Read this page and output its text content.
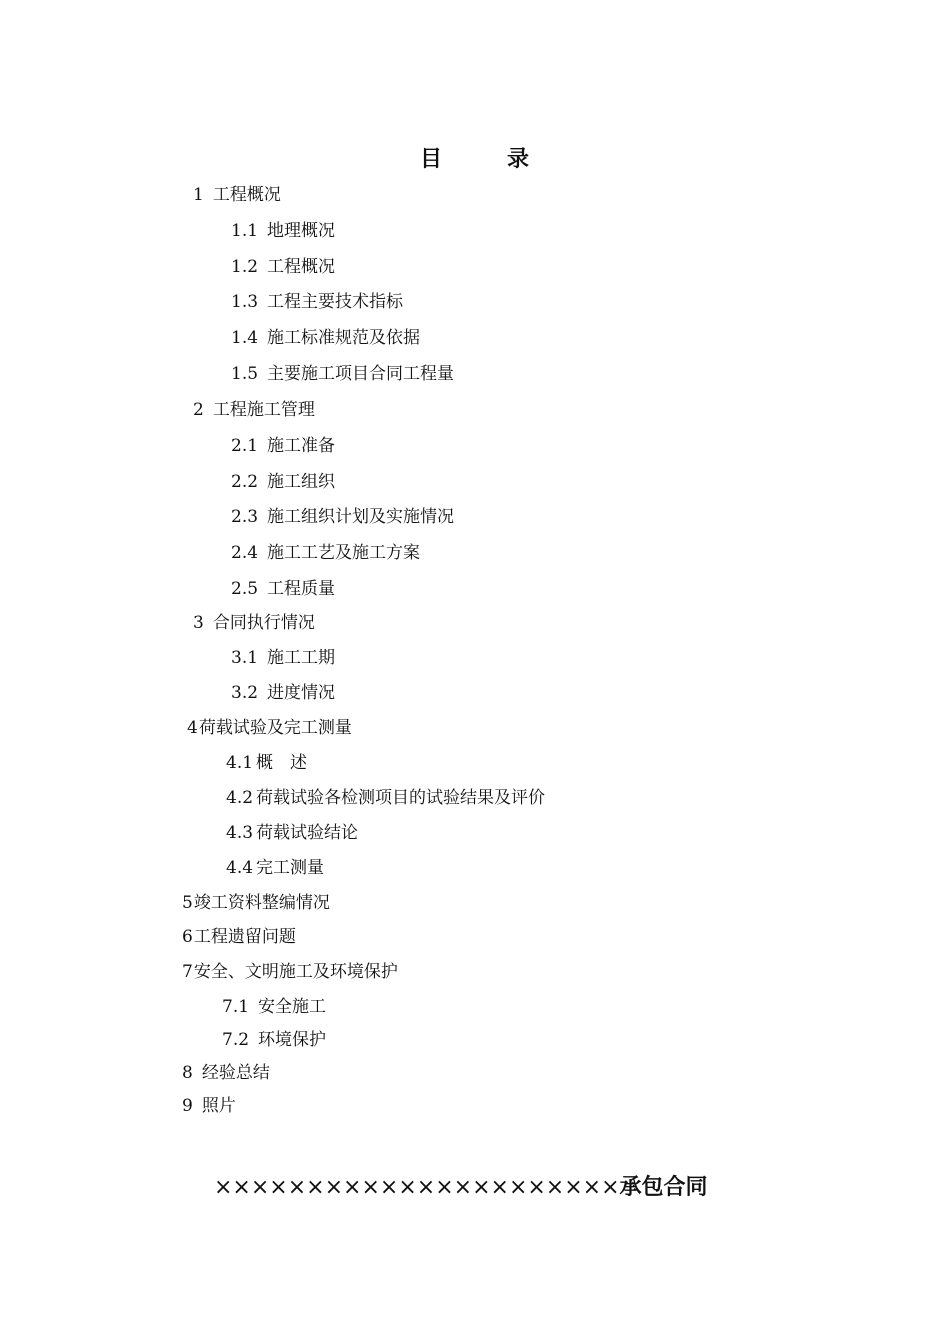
目	录
1 工程概况
1.1 地理概况
1.2 工程概况
1.3 工程主要技术指标
1.4 施工标准规范及依据
1.5 主要施工项目合同工程量
2 工程施工管理
2.1 施工准备
2.2 施工组织
2.3 施工组织计划及实施情况
2.4 施工工艺及施工方案
2.5 工程质量
3 合同执行情况
3.1 施工工期
3.2 进度情况
4荷载试验及完工测量
4.1 概　述
4.2 荷载试验各检测项目的试验结果及评价
4.3 荷载试验结论
4.4 完工测量
5竣工资料整编情况
6工程遗留问题
7安全、文明施工及环境保护
7.1 安全施工
7.2 环境保护
8 经验总结
9 照片
××××××××××××××××××××××承包合同
